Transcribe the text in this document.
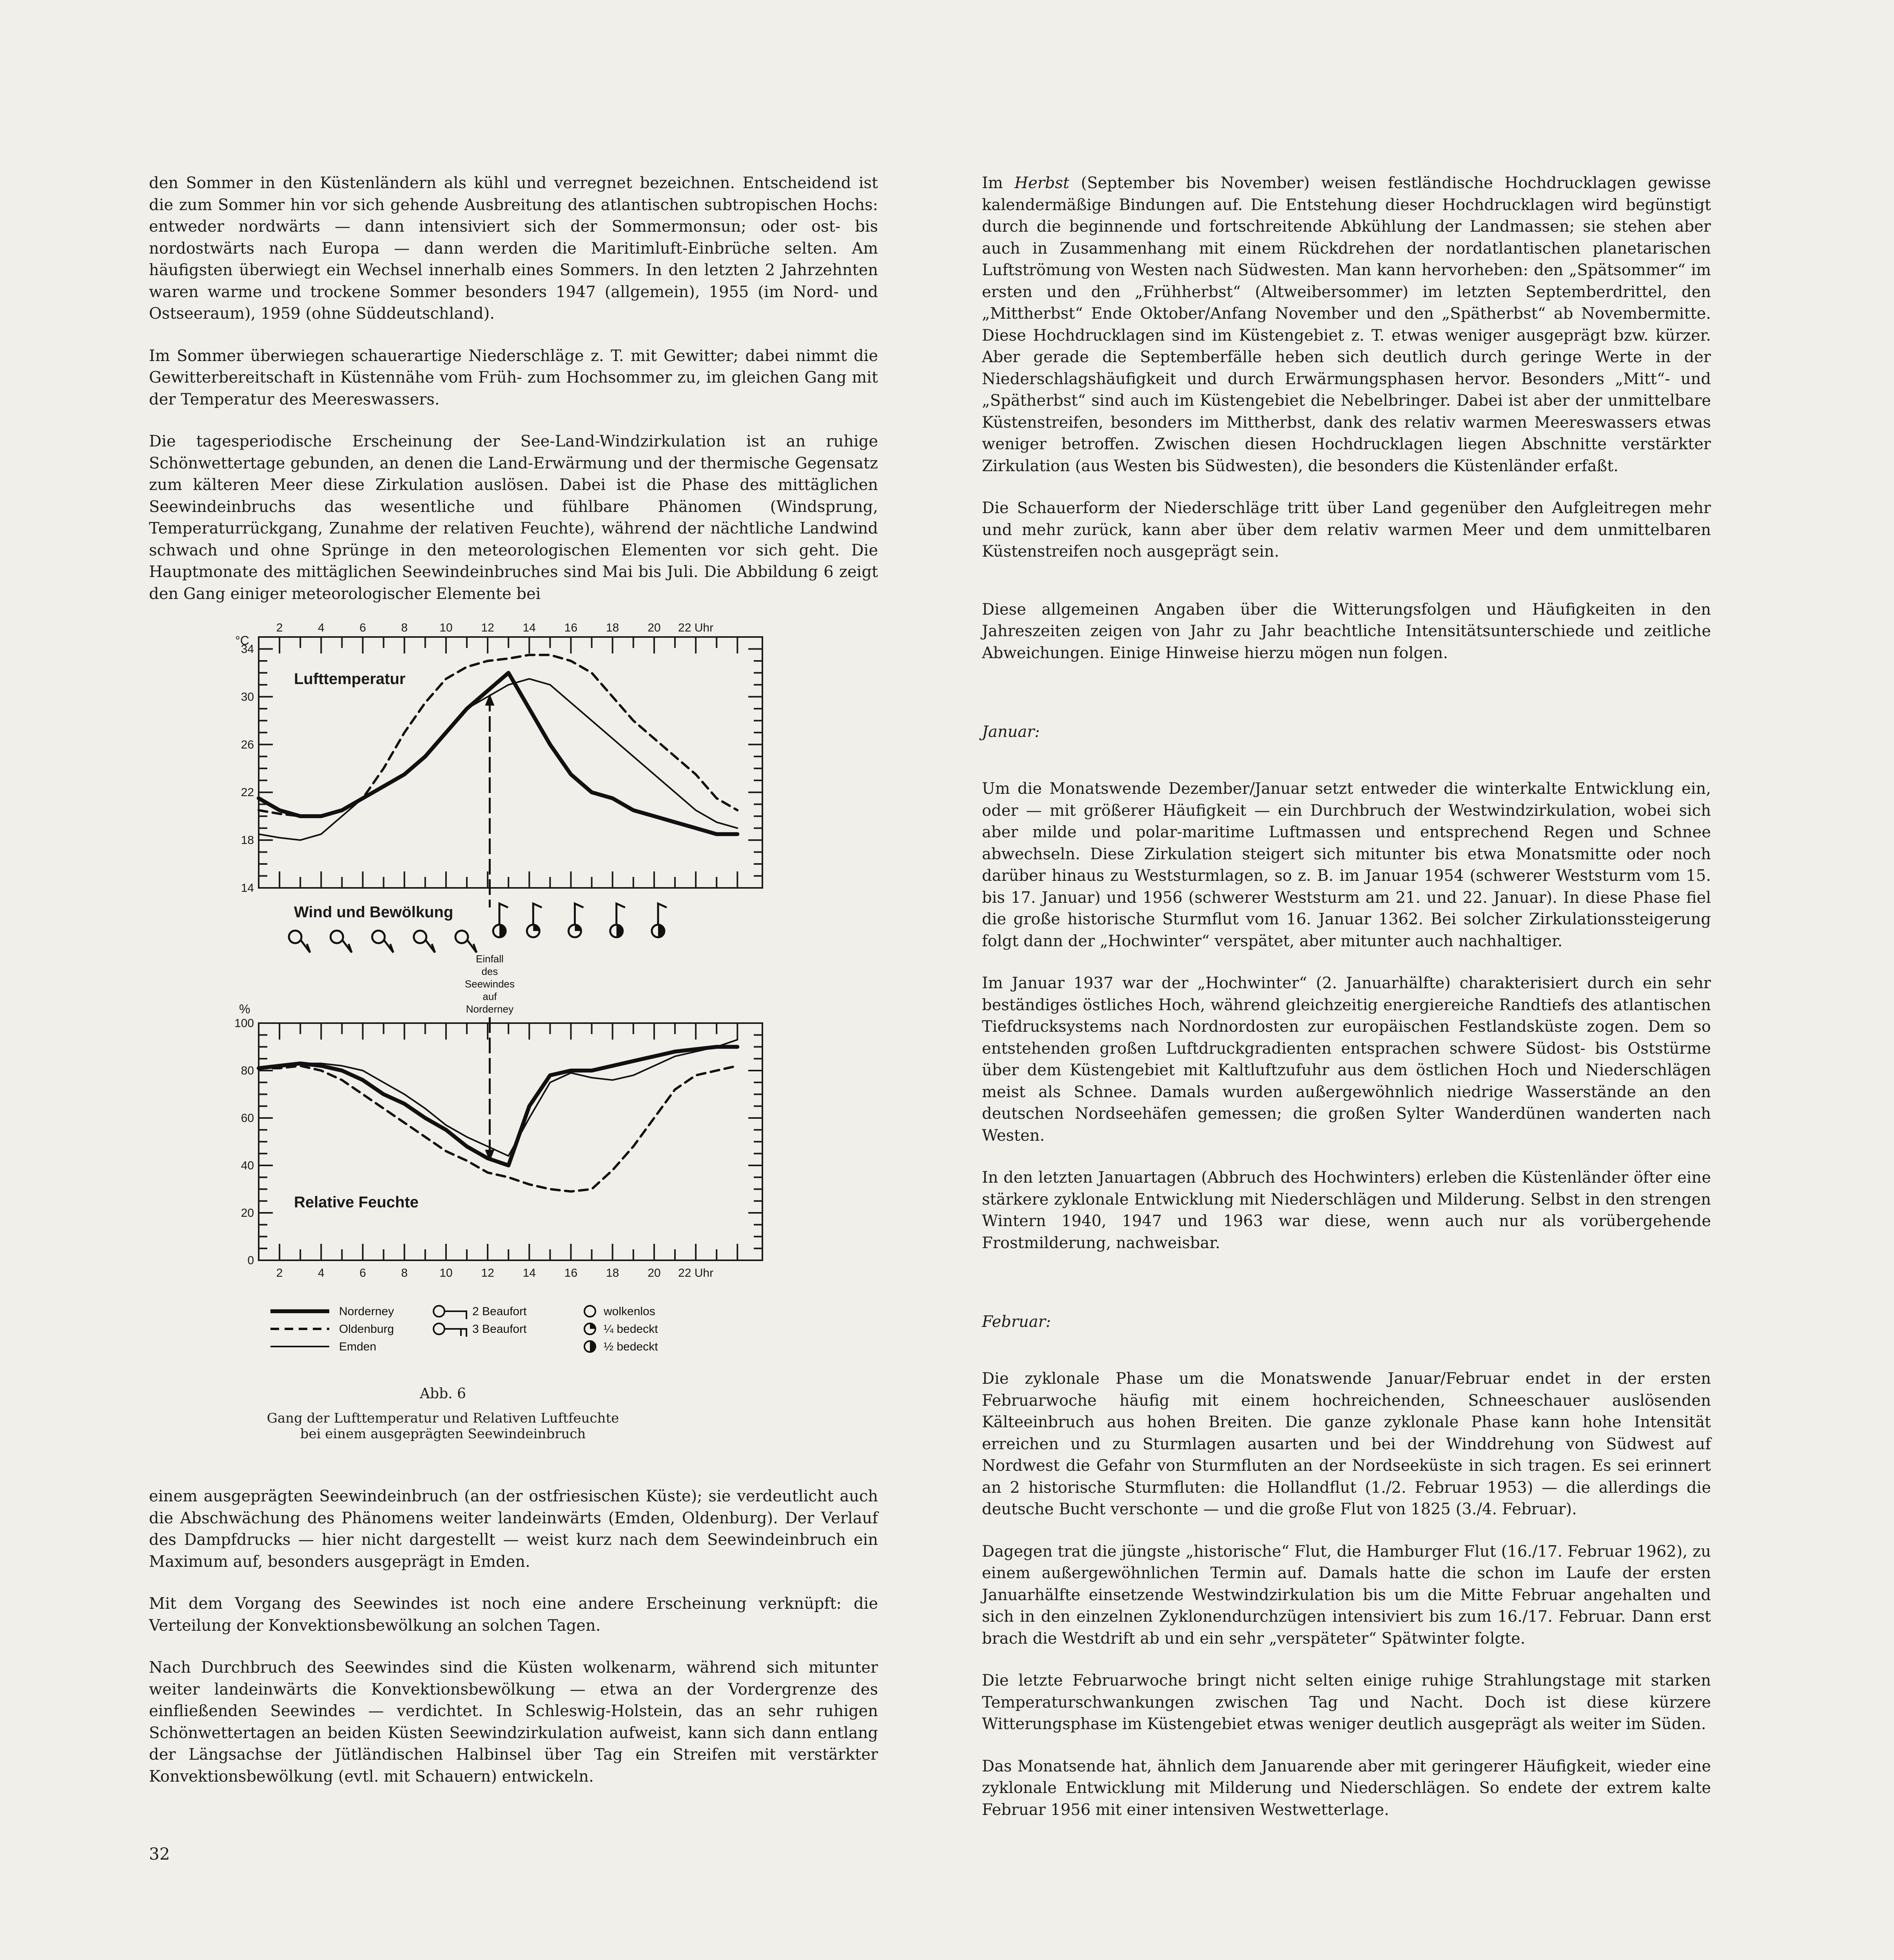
den Sommer in den Küstenländern als kühl und verregnet bezeichnen. Entscheidend ist die zum Sommer hin vor sich gehende Ausbreitung des atlantischen subtropischen Hochs: entweder nordwärts — dann intensiviert sich der Sommermonsun; oder ost- bis nordostwärts nach Europa — dann werden die Maritimluft-Einbrüche selten. Am häufigsten überwiegt ein Wechsel innerhalb eines Sommers. In den letzten 2 Jahrzehnten waren warme und trockene Sommer besonders 1947 (allgemein), 1955 (im Nord- und Ostseeraum), 1959 (ohne Süddeutschland).

Im Sommer überwiegen schauerartige Niederschläge z. T. mit Gewitter; dabei nimmt die Gewitterbereitschaft in Küstennähe vom Früh- zum Hochsommer zu, im gleichen Gang mit der Temperatur des Meereswassers.

Die tagesperiodische Erscheinung der See-Land-Windzirkulation ist an ruhige Schönwettertage gebunden, an denen die Land-Erwärmung und der thermische Gegensatz zum kälteren Meer diese Zirkulation auslösen. Dabei ist die Phase des mittäglichen Seewindeinbruchs das wesentliche und fühlbare Phänomen (Windsprung, Temperaturrückgang, Zunahme der relativen Feuchte), während der nächtliche Landwind schwach und ohne Sprünge in den meteorologischen Elementen vor sich geht. Die Hauptmonate des mittäglichen Seewindeinbruches sind Mai bis Juli. Die Abbildung 6 zeigt den Gang einiger meteorologischer Elemente bei

2	4	6	8	10 12 14 16 18 20 22 Uhr
34
30
26
22
18
14
°C
Lufttemperatur
2	4	6	8	10 12 14 16 18 20 22 Uhr
100
80
60
40
20
0
%
Relative Feuchte
Wind und Bewölkung
Einfall
des
Seewindes
auf
Norderney
Norderney
Oldenburg
Emden
2 Beaufort
3 Beaufort
wolkenlos
¼ bedeckt
½ bedeckt
Abb. 6
Gang der Lufttemperatur und Relativen Luftfeuchte
bei einem ausgeprägten Seewindeinbruch

einem ausgeprägten Seewindeinbruch (an der ostfriesischen Küste); sie verdeutlicht auch die Abschwächung des Phänomens weiter landeinwärts (Emden, Oldenburg). Der Verlauf des Dampfdrucks — hier nicht dargestellt — weist kurz nach dem Seewindeinbruch ein Maximum auf, besonders ausgeprägt in Emden.

Mit dem Vorgang des Seewindes ist noch eine andere Erscheinung verknüpft: die Verteilung der Konvektionsbewölkung an solchen Tagen.

Nach Durchbruch des Seewindes sind die Küsten wolkenarm, während sich mitunter weiter landeinwärts die Konvektionsbewölkung — etwa an der Vordergrenze des einfließenden Seewindes — verdichtet. In Schleswig-Holstein, das an sehr ruhigen Schönwettertagen an beiden Küsten Seewindzirkulation aufweist, kann sich dann entlang der Längsachse der Jütländischen Halbinsel über Tag ein Streifen mit verstärkter Konvektionsbewölkung (evtl. mit Schauern) entwickeln.

32

Im Herbst (September bis November) weisen festländische Hochdrucklagen gewisse kalendermäßige Bindungen auf. Die Entstehung dieser Hochdrucklagen wird begünstigt durch die beginnende und fortschreitende Abkühlung der Landmassen; sie stehen aber auch in Zusammenhang mit einem Rückdrehen der nordatlantischen planetarischen Luftströmung von Westen nach Südwesten. Man kann hervorheben: den „Spätsommer“ im ersten und den „Frühherbst“ (Altweibersommer) im letzten Septemberdrittel, den „Mittherbst“ Ende Oktober/Anfang November und den „Spätherbst“ ab Novembermitte. Diese Hochdrucklagen sind im Küstengebiet z. T. etwas weniger ausgeprägt bzw. kürzer. Aber gerade die Septemberfälle heben sich deutlich durch geringe Werte in der Niederschlagshäufigkeit und durch Erwärmungsphasen hervor. Besonders „Mitt“- und „Spätherbst“ sind auch im Küstengebiet die Nebelbringer. Dabei ist aber der unmittelbare Küstenstreifen, besonders im Mittherbst, dank des relativ warmen Meereswassers etwas weniger betroffen. Zwischen diesen Hochdrucklagen liegen Abschnitte verstärkter Zirkulation (aus Westen bis Südwesten), die besonders die Küstenländer erfaßt.

Die Schauerform der Niederschläge tritt über Land gegenüber den Aufgleitregen mehr und mehr zurück, kann aber über dem relativ warmen Meer und dem unmittelbaren Küstenstreifen noch ausgeprägt sein.

Diese allgemeinen Angaben über die Witterungsfolgen und Häufigkeiten in den Jahreszeiten zeigen von Jahr zu Jahr beachtliche Intensitätsunterschiede und zeitliche Abweichungen. Einige Hinweise hierzu mögen nun folgen.

Januar:

Um die Monatswende Dezember/Januar setzt entweder die winterkalte Entwicklung ein, oder — mit größerer Häufigkeit — ein Durchbruch der Westwindzirkulation, wobei sich aber milde und polar-maritime Luftmassen und entsprechend Regen und Schnee abwechseln. Diese Zirkulation steigert sich mitunter bis etwa Monatsmitte oder noch darüber hinaus zu Weststurmlagen, so z. B. im Januar 1954 (schwerer Weststurm vom 15. bis 17. Januar) und 1956 (schwerer Weststurm am 21. und 22. Januar). In diese Phase fiel die große historische Sturmflut vom 16. Januar 1362. Bei solcher Zirkulationssteigerung folgt dann der „Hochwinter“ verspätet, aber mitunter auch nachhaltiger.

Im Januar 1937 war der „Hochwinter“ (2. Januarhälfte) charakterisiert durch ein sehr beständiges östliches Hoch, während gleichzeitig energiereiche Randtiefs des atlantischen Tiefdrucksystems nach Nordnordosten zur europäischen Festlandsküste zogen. Dem so entstehenden großen Luftdruckgradienten entsprachen schwere Südost- bis Oststürme über dem Küstengebiet mit Kaltluftzufuhr aus dem östlichen Hoch und Niederschlägen meist als Schnee. Damals wurden außergewöhnlich niedrige Wasserstände an den deutschen Nordseehäfen gemessen; die großen Sylter Wanderdünen wanderten nach Westen.

In den letzten Januartagen (Abbruch des Hochwinters) erleben die Küstenländer öfter eine stärkere zyklonale Entwicklung mit Niederschlägen und Milderung. Selbst in den strengen Wintern 1940, 1947 und 1963 war diese, wenn auch nur als vorübergehende Frostmilderung, nachweisbar.

Februar:

Die zyklonale Phase um die Monatswende Januar/Februar endet in der ersten Februarwoche häufig mit einem hochreichenden, Schneeschauer auslösenden Kälteeinbruch aus hohen Breiten. Die ganze zyklonale Phase kann hohe Intensität erreichen und zu Sturmlagen ausarten und bei der Winddrehung von Südwest auf Nordwest die Gefahr von Sturmfluten an der Nordseeküste in sich tragen. Es sei erinnert an 2 historische Sturmfluten: die Hollandflut (1./2. Februar 1953) — die allerdings die deutsche Bucht verschonte — und die große Flut von 1825 (3./4. Februar).

Dagegen trat die jüngste „historische“ Flut, die Hamburger Flut (16./17. Februar 1962), zu einem außergewöhnlichen Termin auf. Damals hatte die schon im Laufe der ersten Januarhälfte einsetzende Westwindzirkulation bis um die Mitte Februar angehalten und sich in den einzelnen Zyklonendurchzügen intensiviert bis zum 16./17. Februar. Dann erst brach die Westdrift ab und ein sehr „verspäteter“ Spätwinter folgte.

Die letzte Februarwoche bringt nicht selten einige ruhige Strahlungstage mit starken Temperaturschwankungen zwischen Tag und Nacht. Doch ist diese kürzere Witterungsphase im Küstengebiet etwas weniger deutlich ausgeprägt als weiter im Süden.

Das Monatsende hat, ähnlich dem Januarende aber mit geringerer Häufigkeit, wieder eine zyklonale Entwicklung mit Milderung und Niederschlägen. So endete der extrem kalte Februar 1956 mit einer intensiven Westwetterlage.
